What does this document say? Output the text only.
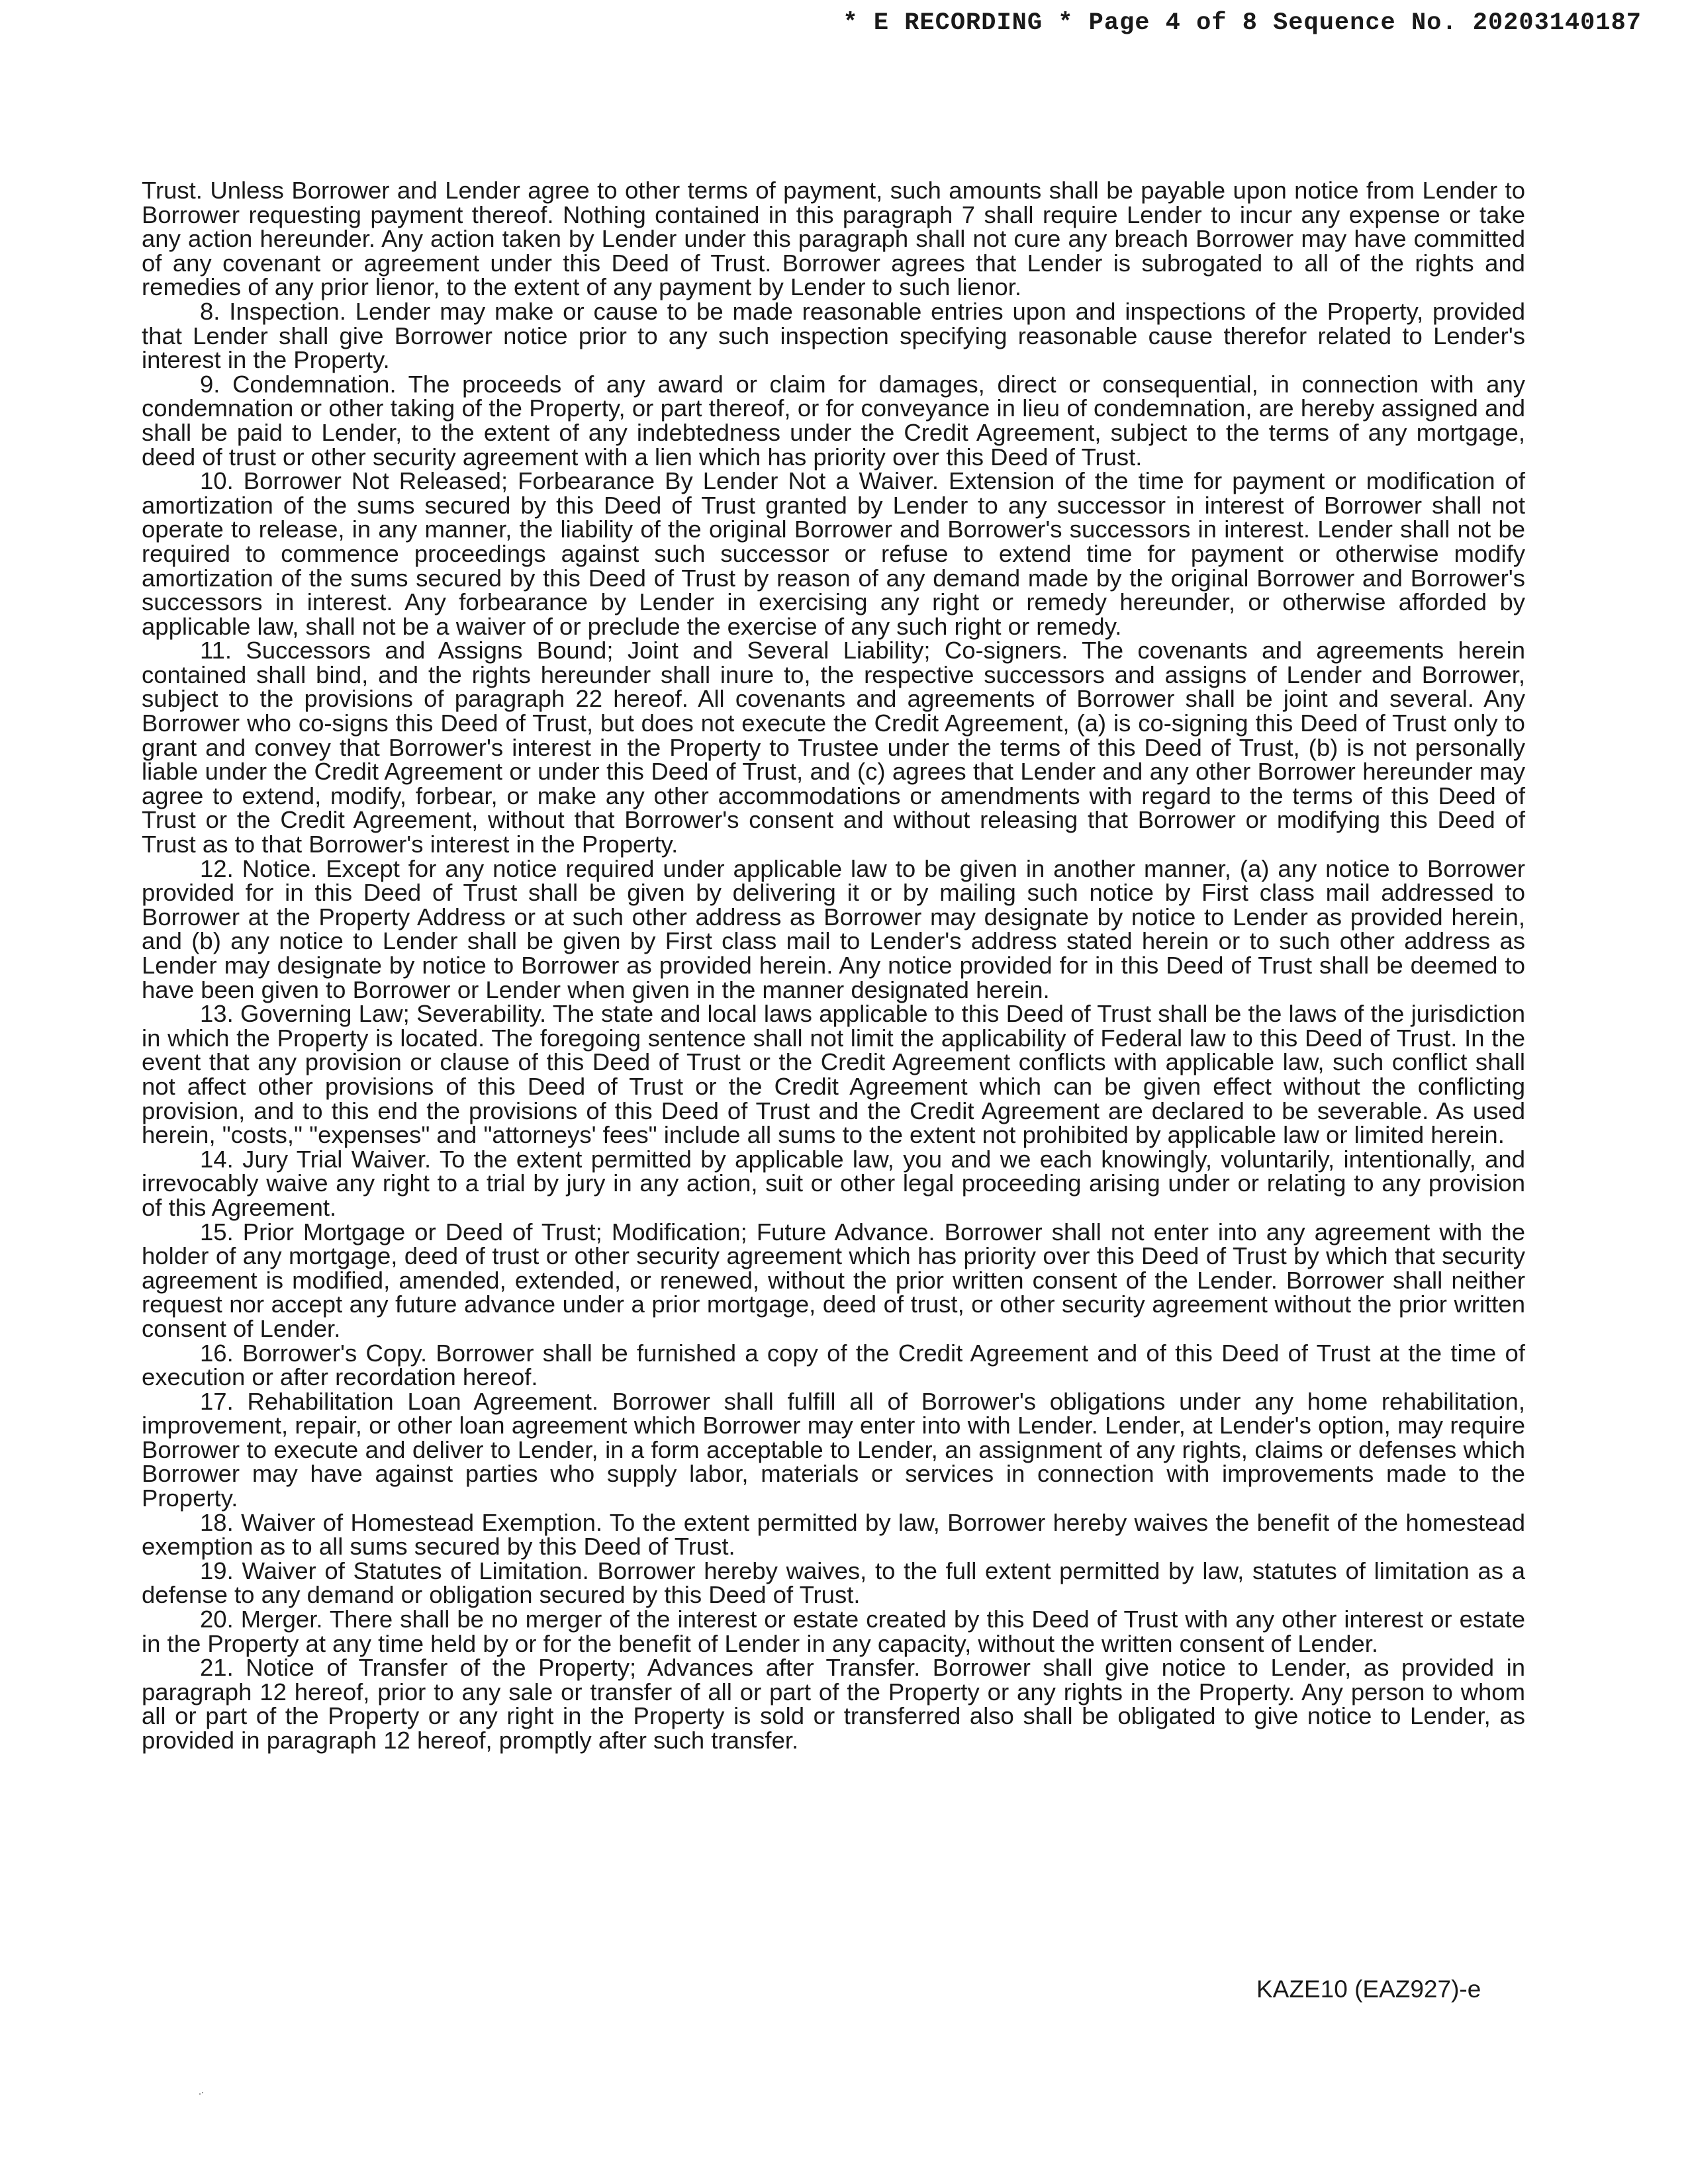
* E RECORDING * Page 4 of 8 Sequence No. 20203140187

Trust. Unless Borrower and Lender agree to other terms of payment, such amounts shall be payable upon notice from Lender to Borrower requesting payment thereof. Nothing contained in this paragraph 7 shall require Lender to incur any expense or take any action hereunder. Any action taken by Lender under this paragraph shall not cure any breach Borrower may have committed of any covenant or agreement under this Deed of Trust. Borrower agrees that Lender is subrogated to all of the rights and remedies of any prior lienor, to the extent of any payment by Lender to such lienor.

8. Inspection. Lender may make or cause to be made reasonable entries upon and inspections of the Property, provided that Lender shall give Borrower notice prior to any such inspection specifying reasonable cause therefor related to Lender's interest in the Property.

9. Condemnation. The proceeds of any award or claim for damages, direct or consequential, in connection with any condemnation or other taking of the Property, or part thereof, or for conveyance in lieu of condemnation, are hereby assigned and shall be paid to Lender, to the extent of any indebtedness under the Credit Agreement, subject to the terms of any mortgage, deed of trust or other security agreement with a lien which has priority over this Deed of Trust.

10. Borrower Not Released; Forbearance By Lender Not a Waiver. Extension of the time for payment or modification of amortization of the sums secured by this Deed of Trust granted by Lender to any successor in interest of Borrower shall not operate to release, in any manner, the liability of the original Borrower and Borrower's successors in interest. Lender shall not be required to commence proceedings against such successor or refuse to extend time for payment or otherwise modify amortization of the sums secured by this Deed of Trust by reason of any demand made by the original Borrower and Borrower's successors in interest. Any forbearance by Lender in exercising any right or remedy hereunder, or otherwise afforded by applicable law, shall not be a waiver of or preclude the exercise of any such right or remedy.

11. Successors and Assigns Bound; Joint and Several Liability; Co-signers. The covenants and agreements herein contained shall bind, and the rights hereunder shall inure to, the respective successors and assigns of Lender and Borrower, subject to the provisions of paragraph 22 hereof. All covenants and agreements of Borrower shall be joint and several. Any Borrower who co-signs this Deed of Trust, but does not execute the Credit Agreement, (a) is co-signing this Deed of Trust only to grant and convey that Borrower's interest in the Property to Trustee under the terms of this Deed of Trust, (b) is not personally liable under the Credit Agreement or under this Deed of Trust, and (c) agrees that Lender and any other Borrower hereunder may agree to extend, modify, forbear, or make any other accommodations or amendments with regard to the terms of this Deed of Trust or the Credit Agreement, without that Borrower's consent and without releasing that Borrower or modifying this Deed of Trust as to that Borrower's interest in the Property.

12. Notice. Except for any notice required under applicable law to be given in another manner, (a) any notice to Borrower provided for in this Deed of Trust shall be given by delivering it or by mailing such notice by First class mail addressed to Borrower at the Property Address or at such other address as Borrower may designate by notice to Lender as provided herein, and (b) any notice to Lender shall be given by First class mail to Lender's address stated herein or to such other address as Lender may designate by notice to Borrower as provided herein. Any notice provided for in this Deed of Trust shall be deemed to have been given to Borrower or Lender when given in the manner designated herein.

13. Governing Law; Severability. The state and local laws applicable to this Deed of Trust shall be the laws of the jurisdiction in which the Property is located. The foregoing sentence shall not limit the applicability of Federal law to this Deed of Trust. In the event that any provision or clause of this Deed of Trust or the Credit Agreement conflicts with applicable law, such conflict shall not affect other provisions of this Deed of Trust or the Credit Agreement which can be given effect without the conflicting provision, and to this end the provisions of this Deed of Trust and the Credit Agreement are declared to be severable. As used herein, "costs," "expenses" and "attorneys' fees" include all sums to the extent not prohibited by applicable law or limited herein.

14. Jury Trial Waiver. To the extent permitted by applicable law, you and we each knowingly, voluntarily, intentionally, and irrevocably waive any right to a trial by jury in any action, suit or other legal proceeding arising under or relating to any provision of this Agreement.

15. Prior Mortgage or Deed of Trust; Modification; Future Advance. Borrower shall not enter into any agreement with the holder of any mortgage, deed of trust or other security agreement which has priority over this Deed of Trust by which that security agreement is modified, amended, extended, or renewed, without the prior written consent of the Lender. Borrower shall neither request nor accept any future advance under a prior mortgage, deed of trust, or other security agreement without the prior written consent of Lender.

16. Borrower's Copy. Borrower shall be furnished a copy of the Credit Agreement and of this Deed of Trust at the time of execution or after recordation hereof.

17. Rehabilitation Loan Agreement. Borrower shall fulfill all of Borrower's obligations under any home rehabilitation, improvement, repair, or other loan agreement which Borrower may enter into with Lender. Lender, at Lender's option, may require Borrower to execute and deliver to Lender, in a form acceptable to Lender, an assignment of any rights, claims or defenses which Borrower may have against parties who supply labor, materials or services in connection with improvements made to the Property.

18. Waiver of Homestead Exemption. To the extent permitted by law, Borrower hereby waives the benefit of the homestead exemption as to all sums secured by this Deed of Trust.

19. Waiver of Statutes of Limitation. Borrower hereby waives, to the full extent permitted by law, statutes of limitation as a defense to any demand or obligation secured by this Deed of Trust.

20. Merger. There shall be no merger of the interest or estate created by this Deed of Trust with any other interest or estate in the Property at any time held by or for the benefit of Lender in any capacity, without the written consent of Lender.

21. Notice of Transfer of the Property; Advances after Transfer. Borrower shall give notice to Lender, as provided in paragraph 12 hereof, prior to any sale or transfer of all or part of the Property or any rights in the Property. Any person to whom all or part of the Property or any right in the Property is sold or transferred also shall be obligated to give notice to Lender, as provided in paragraph 12 hereof, promptly after such transfer.

KAZE10 (EAZ927)-e
